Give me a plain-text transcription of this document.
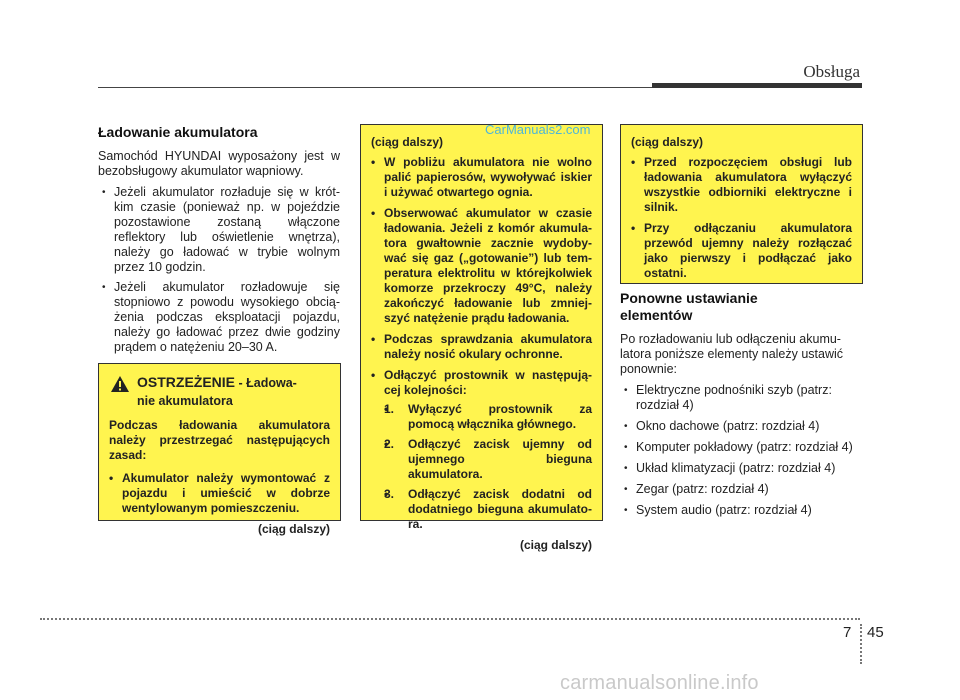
Obsługa
Ładowanie akumulatora

Samochód HYUNDAI wyposażony jest w bezobsługowy akumulator wapniowy.

• Jeżeli akumulator rozładuje się w krót-kim czasie (ponieważ np. w pojeździe pozostawione zostaną włączone reflektory lub oświetlenie wnętrza), należy go ładować w trybie wolnym przez 10 godzin.
• Jeżeli akumulator rozładowuje się stopniowo z powodu wysokiego obcią-żenia podczas eksploatacji pojazdu, należy go ładować przez dwie godziny prądem o natężeniu 20–30 A.
OSTRZEŻENIE - Ładowa-
nie akumulatora

Podczas ładowania akumulatora należy przestrzegać następujących zasad:

• Akumulator należy wymontować z pojazdu i umieścić w dobrze wentylowanym pomieszczeniu.
(ciąg dalszy)
(ciąg dalszy)
• W pobliżu akumulatora nie wolno palić papierosów, wywoływać iskier i używać otwartego ognia.
• Obserwować akumulator w czasie ładowania. Jeżeli z komór akumula-tora gwałtownie zacznie wydoby-wać się gaz („gotowanie”) lub tem-peratura elektrolitu w którejkolwiek komorze przekroczy 49°C, należy zakończyć ładowanie lub zmniej-szyć natężenie prądu ładowania.
• Podczas sprawdzania akumulatora należy nosić okulary ochronne.
• Odłączyć prostownik w następują-cej kolejności:
• 1. Wyłączyć prostownik za pomocą włącznika głównego.
• 2. Odłączyć zacisk ujemny od ujemnego bieguna akumulatora.
• 3. Odłączyć zacisk dodatni od dodatniego bieguna akumulato-ra.
(ciąg dalszy)
(ciąg dalszy)
• Przed rozpoczęciem obsługi lub ładowania akumulatora wyłączyć wszystkie odbiorniki elektryczne i silnik.
• Przy odłączaniu akumulatora przewód ujemny należy rozłączać jako pierwszy i podłączać jako ostatni.
Ponowne ustawianie elementów

Po rozładowaniu lub odłączeniu akumu-latora poniższe elementy należy ustawić ponownie:

• Elektryczne podnośniki szyb (patrz: rozdział 4)
• Okno dachowe (patrz: rozdział 4)
• Komputer pokładowy (patrz: rozdział 4)
• Układ klimatyzacji (patrz: rozdział 4)
• Zegar (patrz: rozdział 4)
• System audio (patrz: rozdział 4)
CarManuals2.com
7 45
carmanualsonline.info
